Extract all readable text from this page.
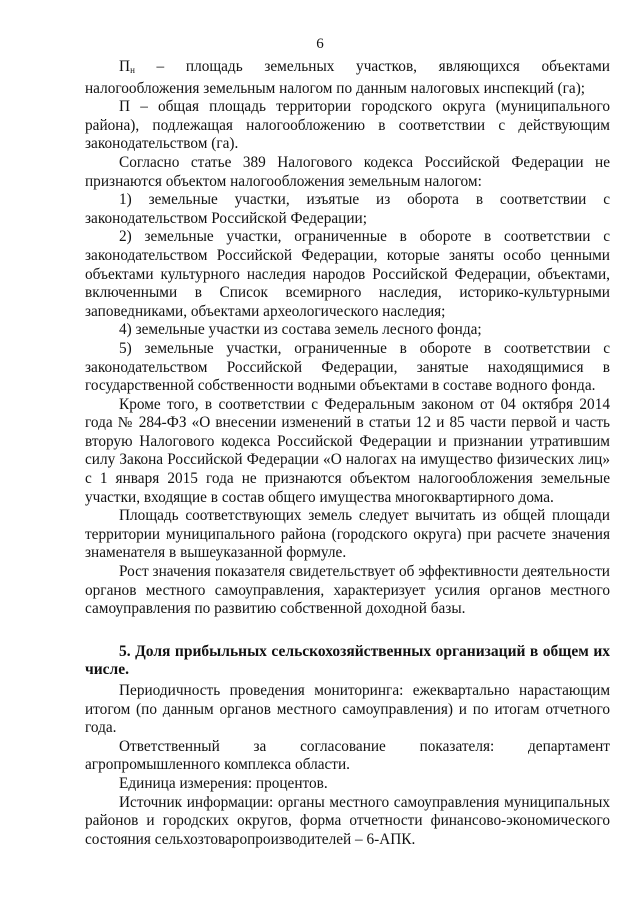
6

$П_н$ – площадь земельных участков, являющихся объектами налогообложения земельным налогом по данным налоговых инспекций (га);

П – общая площадь территории городского округа (муниципального района), подлежащая налогообложению в соответствии с действующим законодательством (га).

Согласно статье 389 Налогового кодекса Российской Федерации не признаются объектом налогообложения земельным налогом:

1) земельные участки, изъятые из оборота в соответствии с законодательством Российской Федерации;

2) земельные участки, ограниченные в обороте в соответствии с законодательством Российской Федерации, которые заняты особо ценными объектами культурного наследия народов Российской Федерации, объектами, включенными в Список всемирного наследия, историко-культурными заповедниками, объектами археологического наследия;

4) земельные участки из состава земель лесного фонда;

5) земельные участки, ограниченные в обороте в соответствии с законодательством Российской Федерации, занятые находящимися в государственной собственности водными объектами в составе водного фонда.

Кроме того, в соответствии с Федеральным законом от 04 октября 2014 года № 284-ФЗ «О внесении изменений в статьи 12 и 85 части первой и часть вторую Налогового кодекса Российской Федерации и признании утратившим силу Закона Российской Федерации «О налогах на имущество физических лиц» с 1 января 2015 года не признаются объектом налогообложения земельные участки, входящие в состав общего имущества многоквартирного дома.

Площадь соответствующих земель следует вычитать из общей площади территории муниципального района (городского округа) при расчете значения знаменателя в вышеуказанной формуле.

Рост значения показателя свидетельствует об эффективности деятельности органов местного самоуправления, характеризует усилия органов местного самоуправления по развитию собственной доходной базы.

5. Доля прибыльных сельскохозяйственных организаций в общем их числе.

Периодичность проведения мониторинга: ежеквартально нарастающим итогом (по данным органов местного самоуправления) и по итогам отчетного года.

Ответственный за согласование показателя: департамент агропромышленного комплекса области.

Единица измерения: процентов.

Источник информации: органы местного самоуправления муниципальных районов и городских округов, форма отчетности финансово-экономического состояния сельхозтоваропроизводителей – 6-АПК.
